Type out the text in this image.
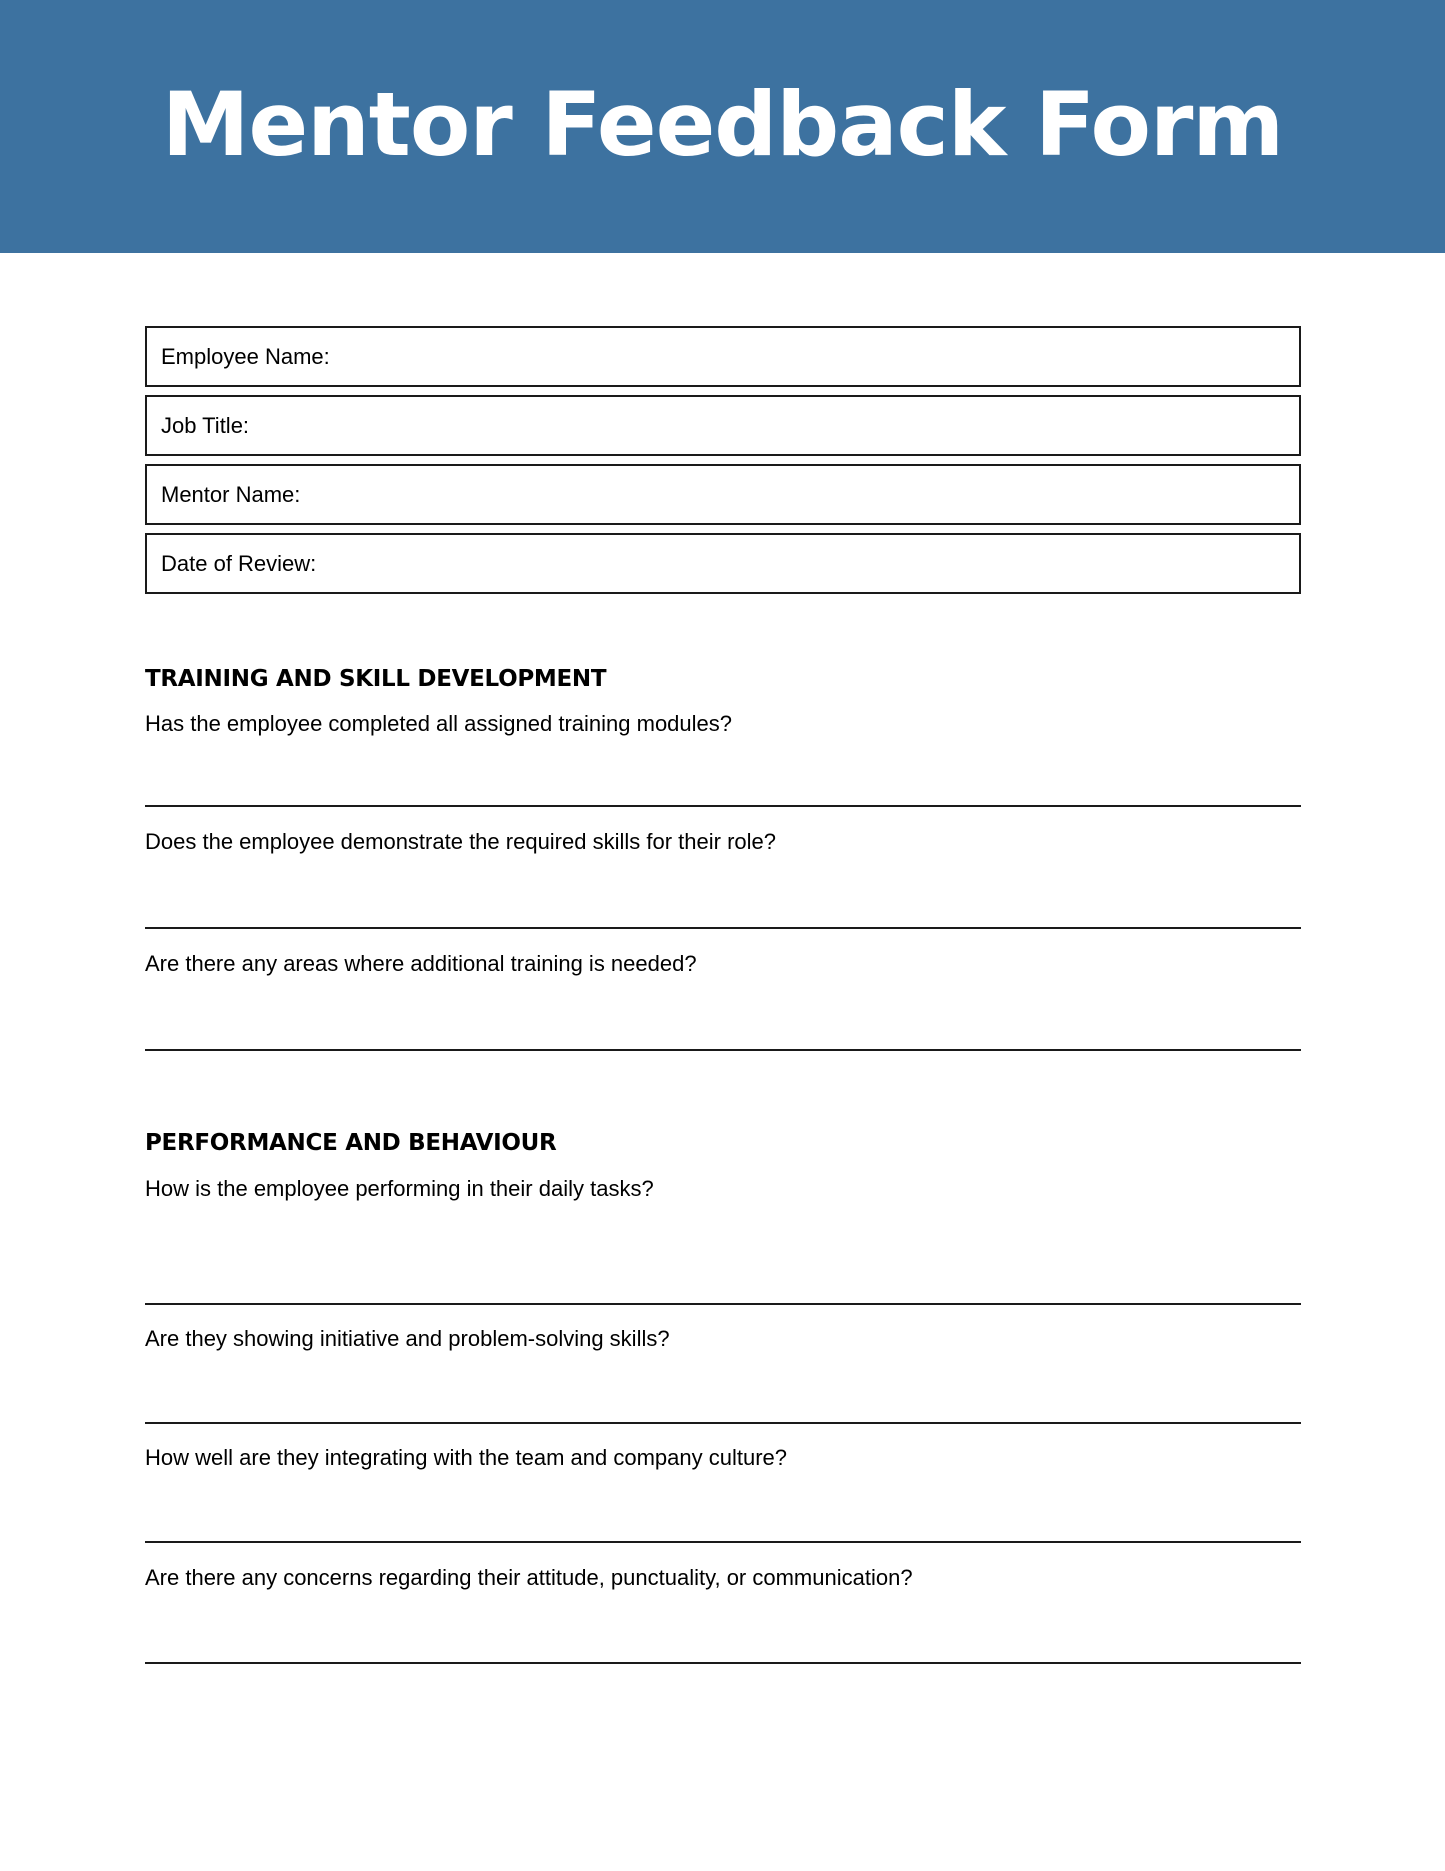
Mentor Feedback Form
Employee Name:
Job Title:
Mentor Name:
Date of Review:
TRAINING AND SKILL DEVELOPMENT
Has the employee completed all assigned training modules?
Does the employee demonstrate the required skills for their role?
Are there any areas where additional training is needed?
PERFORMANCE AND BEHAVIOUR
How is the employee performing in their daily tasks?
Are they showing initiative and problem-solving skills?
How well are they integrating with the team and company culture?
Are there any concerns regarding their attitude, punctuality, or communication?
